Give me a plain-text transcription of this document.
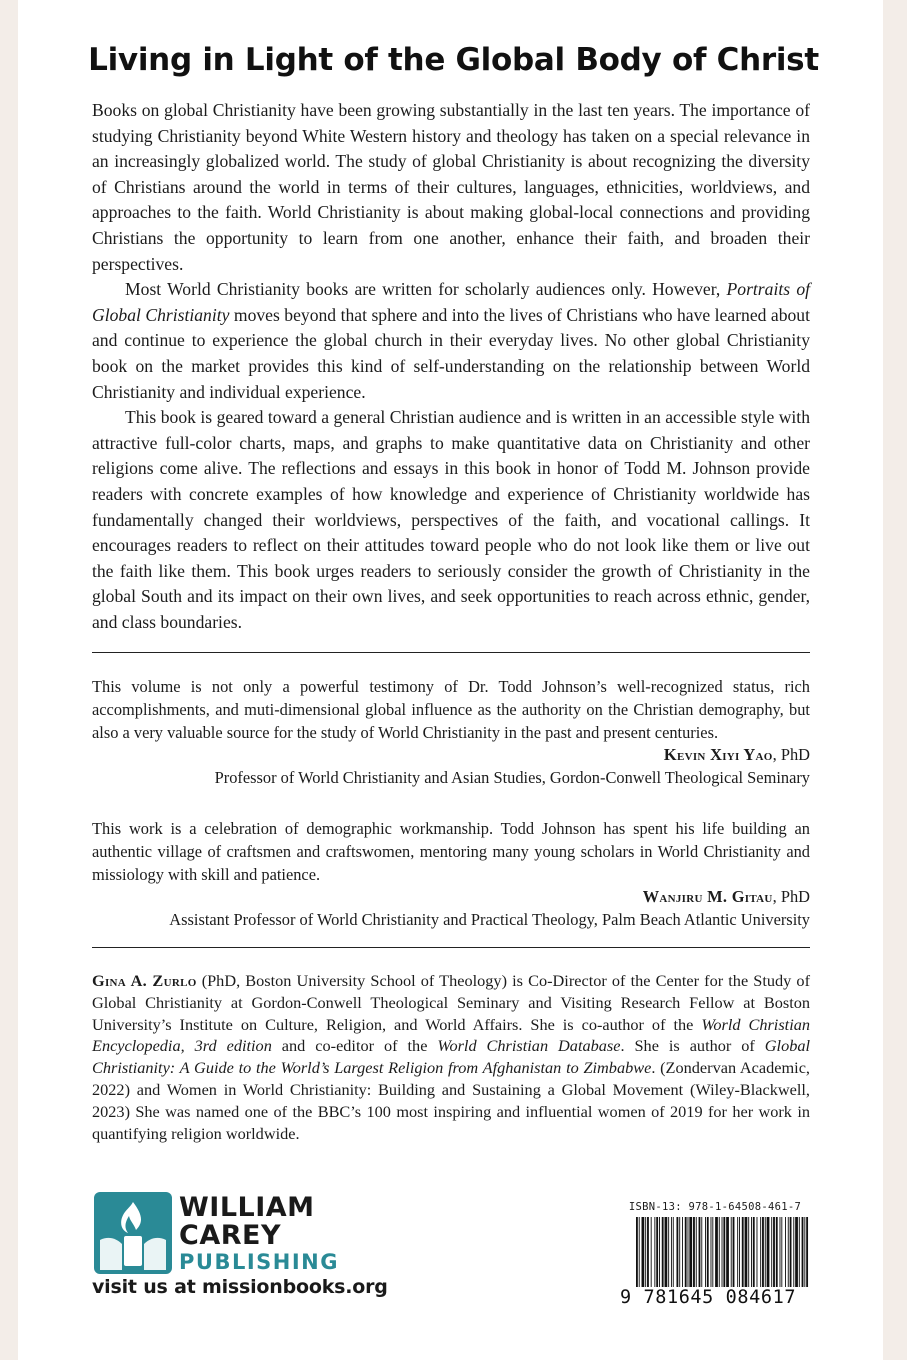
Living in Light of the Global Body of Christ

Books on global Christianity have been growing substantially in the last ten years. The importance of studying Christianity beyond White Western history and theology has taken on a special relevance in an increasingly globalized world. The study of global Christianity is about recognizing the diversity of Christians around the world in terms of their cultures, languages, ethnicities, worldviews, and approaches to the faith. World Christianity is about making global-local connections and providing Christians the opportunity to learn from one another, enhance their faith, and broaden their perspectives.

Most World Christianity books are written for scholarly audiences only. However, Portraits of Global Christianity moves beyond that sphere and into the lives of Christians who have learned about and continue to experience the global church in their everyday lives. No other global Christianity book on the market provides this kind of self-understanding on the relationship between World Christianity and individual experience.

This book is geared toward a general Christian audience and is written in an accessible style with attractive full-color charts, maps, and graphs to make quantitative data on Christianity and other religions come alive. The reflections and essays in this book in honor of Todd M. Johnson provide readers with concrete examples of how knowledge and experience of Christianity worldwide has fundamentally changed their worldviews, perspectives of the faith, and vocational callings. It encourages readers to reflect on their attitudes toward people who do not look like them or live out the faith like them. This book urges readers to seriously consider the growth of Christianity in the global South and its impact on their own lives, and seek opportunities to reach across ethnic, gender, and class boundaries.

This volume is not only a powerful testimony of Dr. Todd Johnson’s well-recognized status, rich accomplishments, and muti-dimensional global influence as the authority on the Christian demography, but also a very valuable source for the study of World Christianity in the past and present centuries.

Kevin Xiyi Yao, PhD
Professor of World Christianity and Asian Studies, Gordon-Conwell Theological Seminary

This work is a celebration of demographic workmanship. Todd Johnson has spent his life building an authentic village of craftsmen and craftswomen, mentoring many young scholars in World Christianity and missiology with skill and patience.

Wanjiru M. Gitau, PhD
Assistant Professor of World Christianity and Practical Theology, Palm Beach Atlantic University

Gina A. Zurlo (PhD, Boston University School of Theology) is Co-Director of the Center for the Study of Global Christianity at Gordon-Conwell Theological Seminary and Visiting Research Fellow at Boston University’s Institute on Culture, Religion, and World Affairs. She is co-author of the World Christian Encyclopedia, 3rd edition and co-editor of the World Christian Database. She is author of Global Christianity: A Guide to the World’s Largest Religion from Afghanistan to Zimbabwe. (Zondervan Academic, 2022) and Women in World Christianity: Building and Sustaining a Global Movement (Wiley-Blackwell, 2023) She was named one of the BBC’s 100 most inspiring and influential women of 2019 for her work in quantifying religion worldwide.

WILLIAM
CAREY
PUBLISHING
visit us at missionbooks.org
ISBN-13: 978-1-64508-461-7
9 781645 084617
